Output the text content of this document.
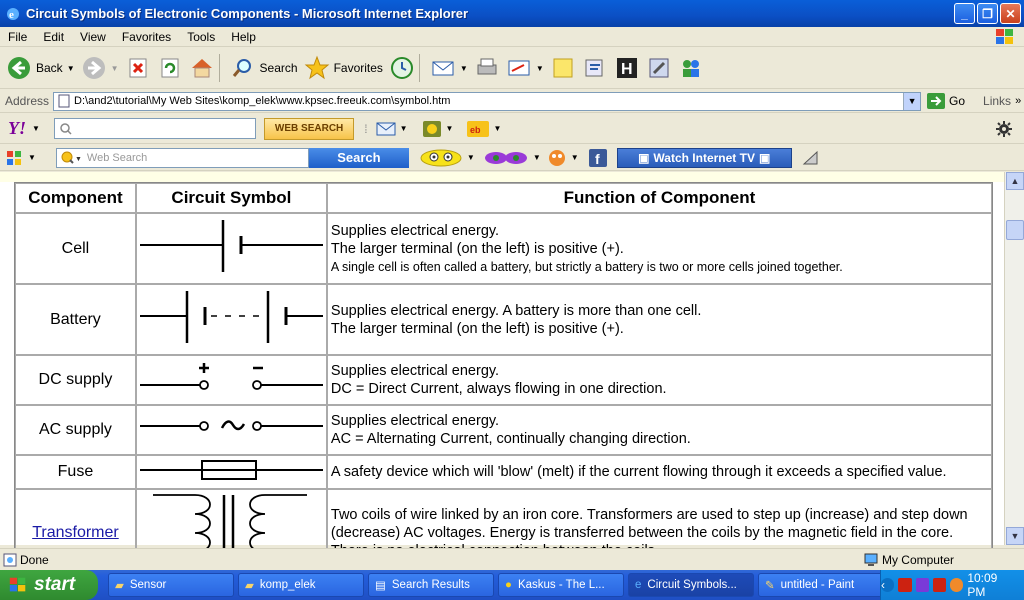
e Circuit Symbols of Electronic Components - Microsoft Internet Explorer	_	❐	✕
File	Edit	View	Favorites	Tools	Help
Back ▼	▼	Search	Favorites	▼	▼	H
Address D:\and2\tutorial\My Web Sites\komp_elek\www.kpsec.freeuk.com\symbol.htm	▼	Go Links »
Y! ▼	WEB SEARCH	⁞	▼	▼ eb ▼
▼	▼ Web Search	Search	▼	▼	▼ f	▣ Watch Internet TV ▣
Component	Circuit Symbol	Function of Component
Cell		Supplies electrical energy.
The larger terminal (on the left) is positive (+).
A single cell is often called a battery, but strictly a battery is two or more cells joined together.

Battery		Supplies electrical energy. A battery is more than one cell.
The larger terminal (on the left) is positive (+).

DC supply		Supplies electrical energy.
DC = Direct Current, always flowing in one direction.

AC supply		Supplies electrical energy.
AC = Alternating Current, continually changing direction.

Fuse		A safety device which will 'blow' (melt) if the current flowing through it exceeds a specified value.

Transformer		Two coils of wire linked by an iron core. Transformers are used to step up (increase) and step down (decrease) AC voltages. Energy is transferred between the coils by the magnetic field in the core.
▲
▼
Done	My Computer
start	▰ Sensor	▰ komp_elek	▤ Search Results	● Kaskus - The L...	e Circuit Symbols... ✎ untitled - Paint ‹	10:09 PM
